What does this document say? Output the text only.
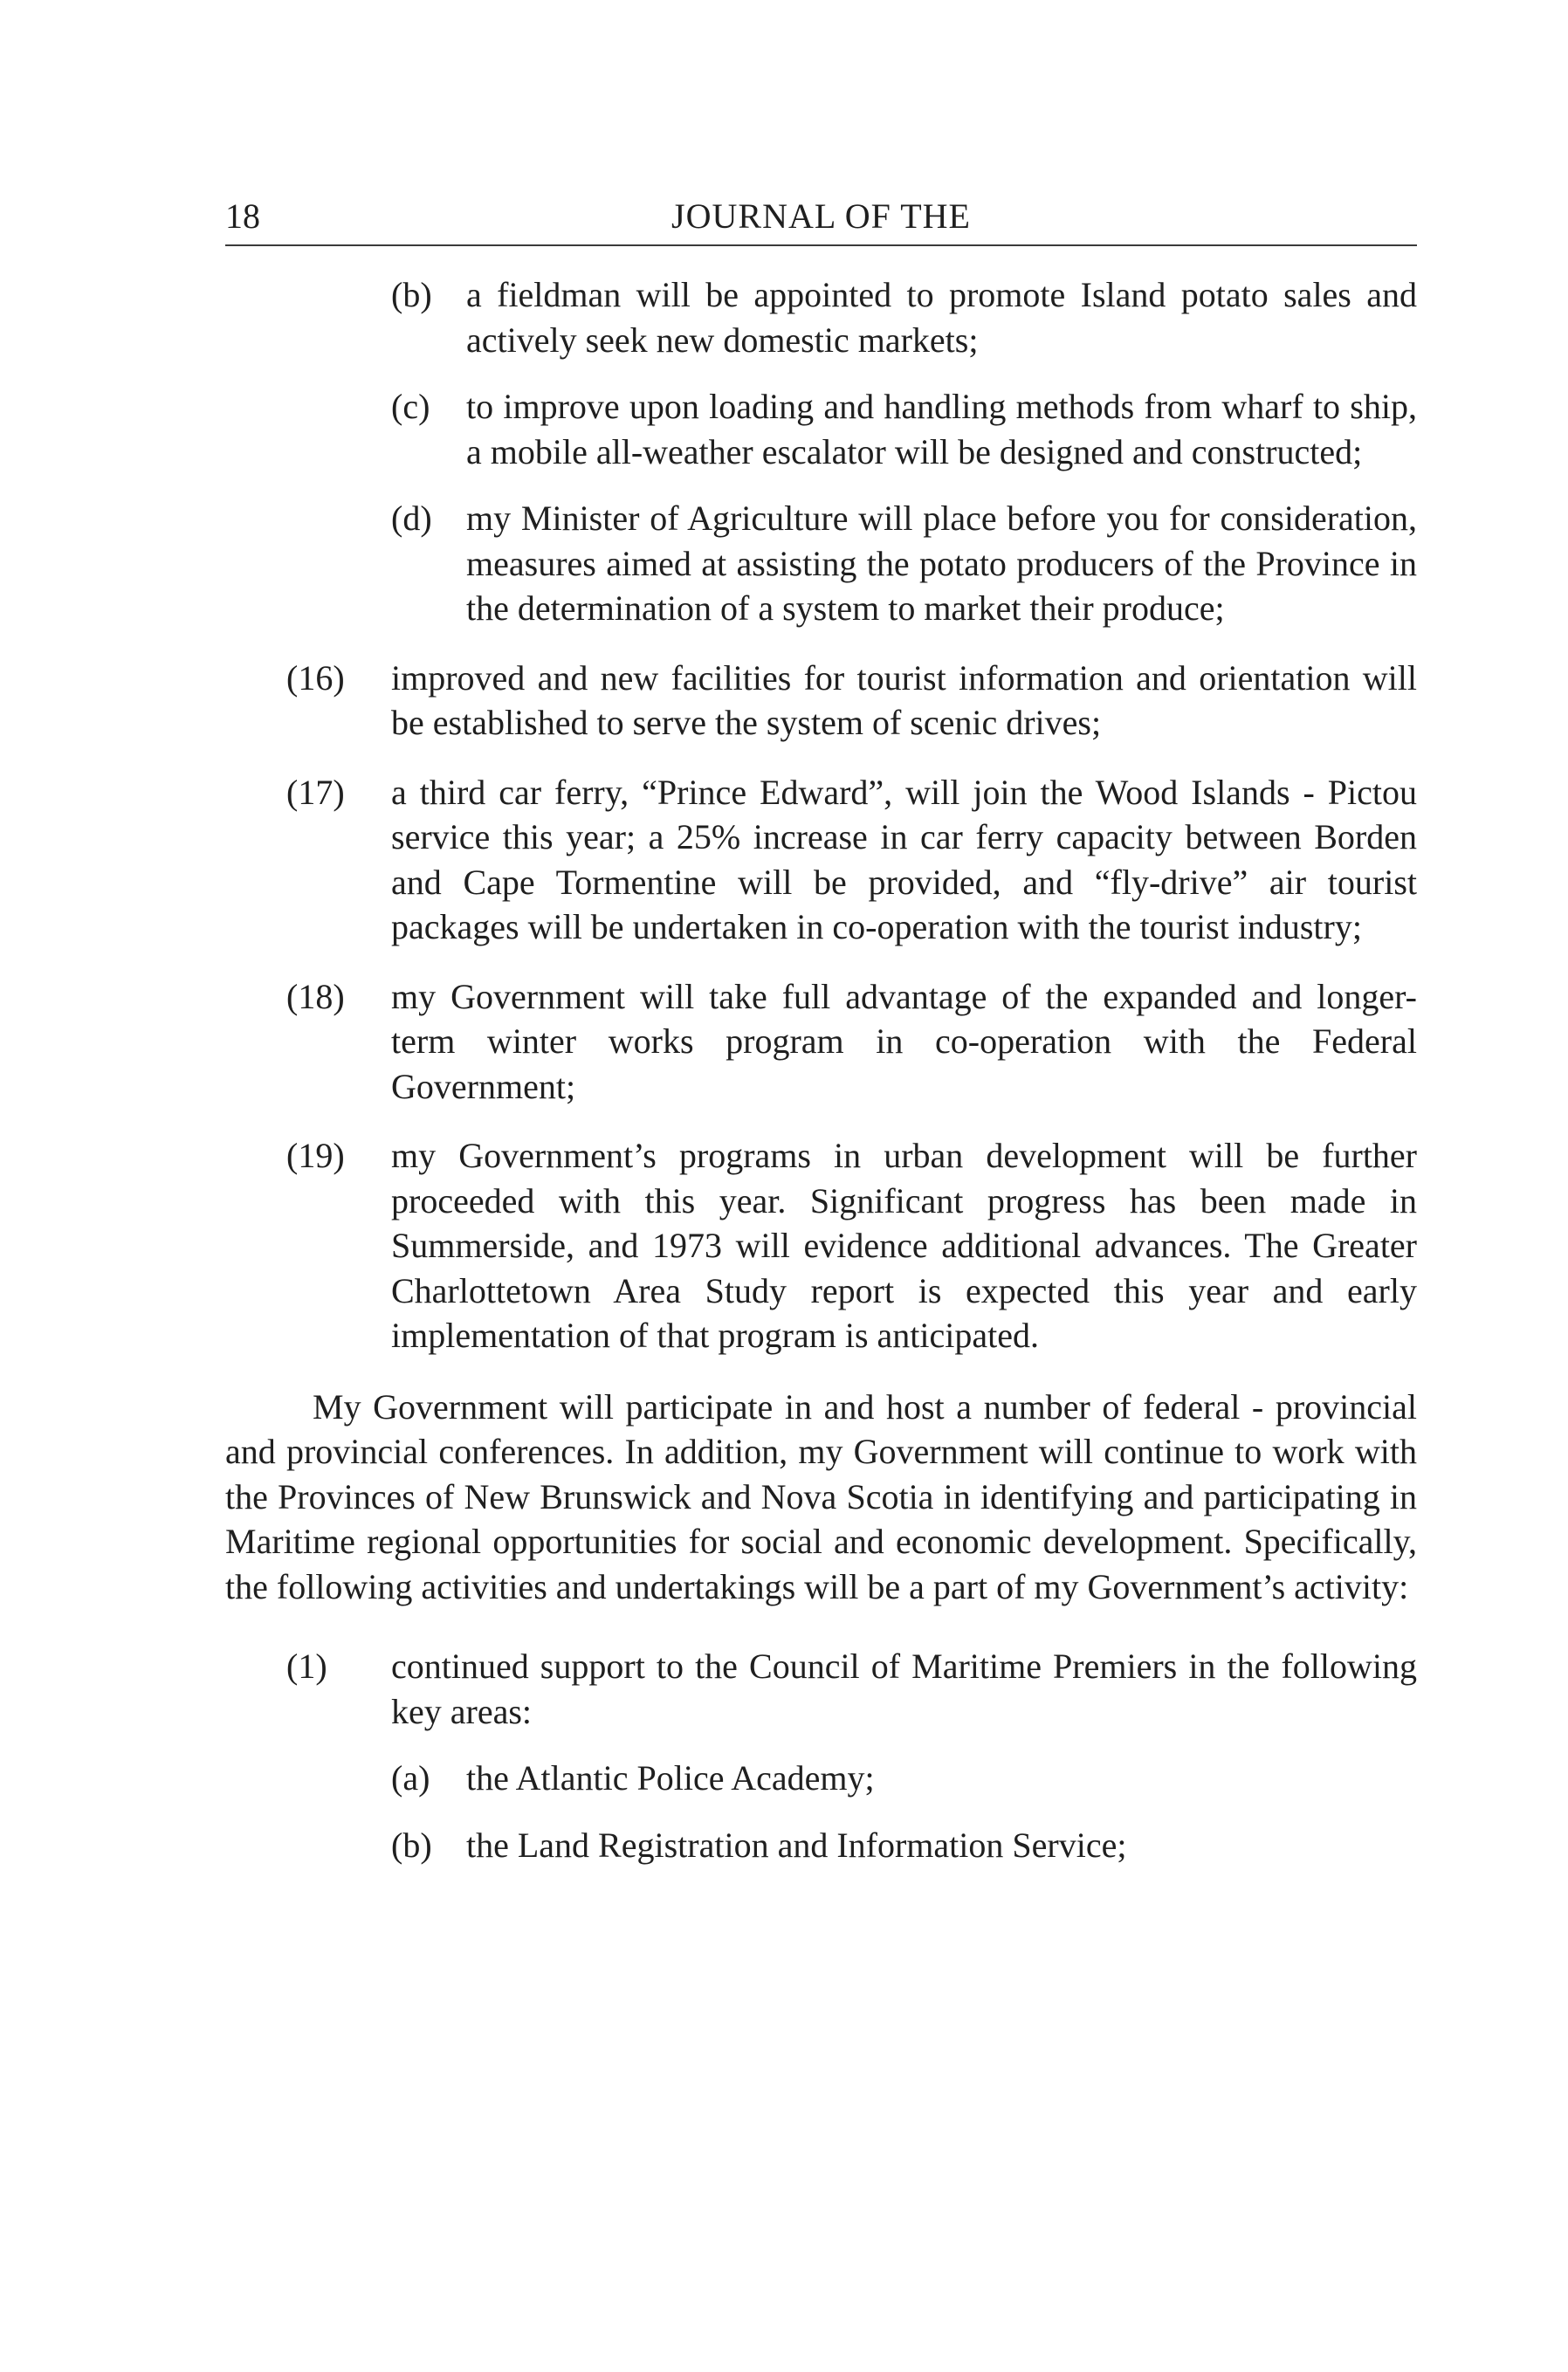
18	JOURNAL OF THE
(b) a fieldman will be appointed to promote Island potato sales and actively seek new domestic markets;
(c) to improve upon loading and handling methods from wharf to ship, a mobile all-weather escalator will be designed and constructed;
(d) my Minister of Agriculture will place before you for consideration, measures aimed at assisting the potato producers of the Province in the determination of a system to market their produce;
(16) improved and new facilities for tourist information and orientation will be established to serve the system of scenic drives;
(17) a third car ferry, “Prince Edward”, will join the Wood Islands - Pictou service this year; a 25% increase in car ferry capacity between Borden and Cape Tormentine will be provided, and “fly-drive” air tourist packages will be undertaken in co-operation with the tourist industry;
(18) my Government will take full advantage of the expanded and longer-term winter works program in co-operation with the Federal Government;
(19) my Government’s programs in urban development will be further proceeded with this year. Significant progress has been made in Summerside, and 1973 will evidence additional advances. The Greater Charlottetown Area Study report is expected this year and early implementation of that program is anticipated.

My Government will participate in and host a number of federal - provincial and provincial conferences. In addition, my Government will continue to work with the Provinces of New Brunswick and Nova Scotia in identifying and participating in Maritime regional opportunities for social and economic development. Specifically, the following activities and undertakings will be a part of my Government’s activity:

(1) continued support to the Council of Maritime Premiers in the following key areas:
(a) the Atlantic Police Academy;
(b) the Land Registration and Information Service;
